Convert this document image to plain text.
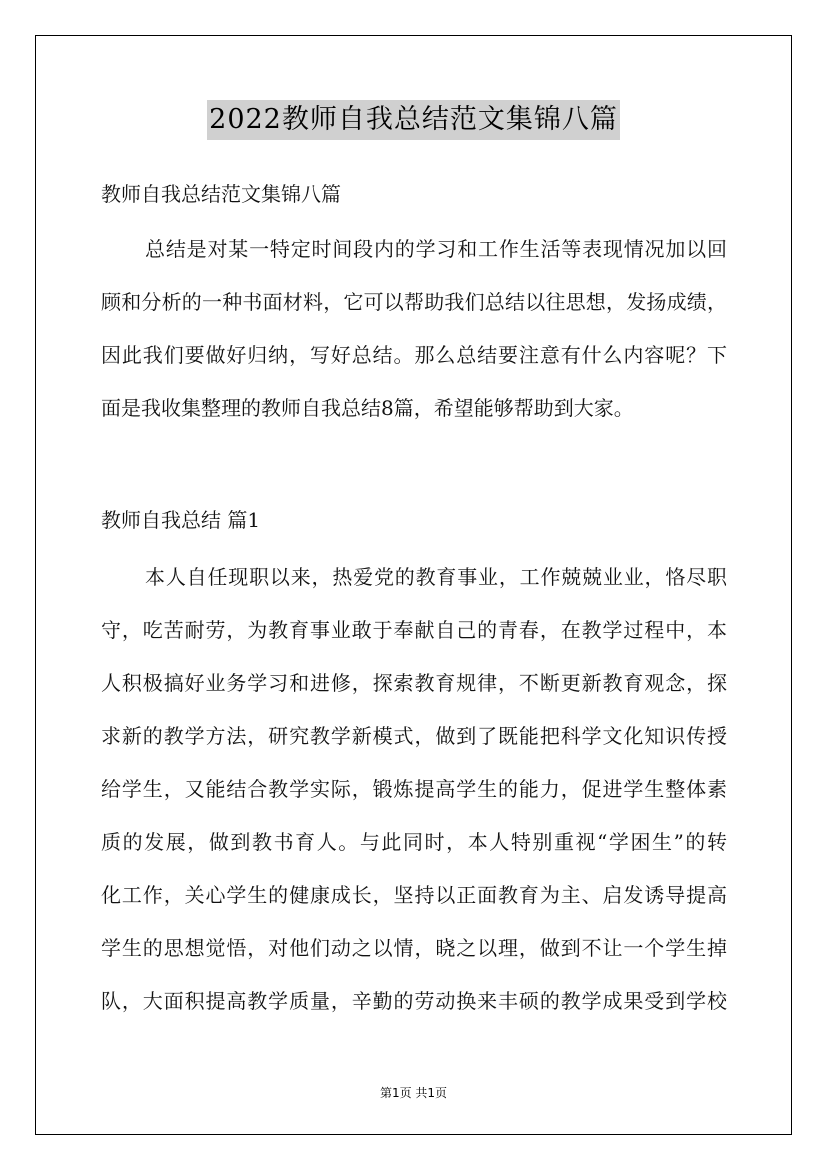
2022教师自我总结范文集锦八篇
教师自我总结范文集锦八篇
总结是对某一特定时间段内的学习和工作生活等表现情况加以回
顾和分析的一种书面材料，它可以帮助我们总结以往思想，发扬成绩，
因此我们要做好归纳，写好总结。那么总结要注意有什么内容呢？下
面是我收集整理的教师自我总结8篇，希望能够帮助到大家。
教师自我总结 篇1
本人自任现职以来，热爱党的教育事业，工作兢兢业业，恪尽职
守，吃苦耐劳，为教育事业敢于奉献自己的青春，在教学过程中，本
人积极搞好业务学习和进修，探索教育规律，不断更新教育观念，探
求新的教学方法，研究教学新模式，做到了既能把科学文化知识传授
给学生，又能结合教学实际，锻炼提高学生的能力，促进学生整体素
质的发展，做到教书育人。与此同时，本人特别重视“学困生”的转
化工作，关心学生的健康成长，坚持以正面教育为主、启发诱导提高
学生的思想觉悟，对他们动之以情，晓之以理，做到不让一个学生掉
队，大面积提高教学质量，辛勤的劳动换来丰硕的教学成果受到学校
第1页 共1页
